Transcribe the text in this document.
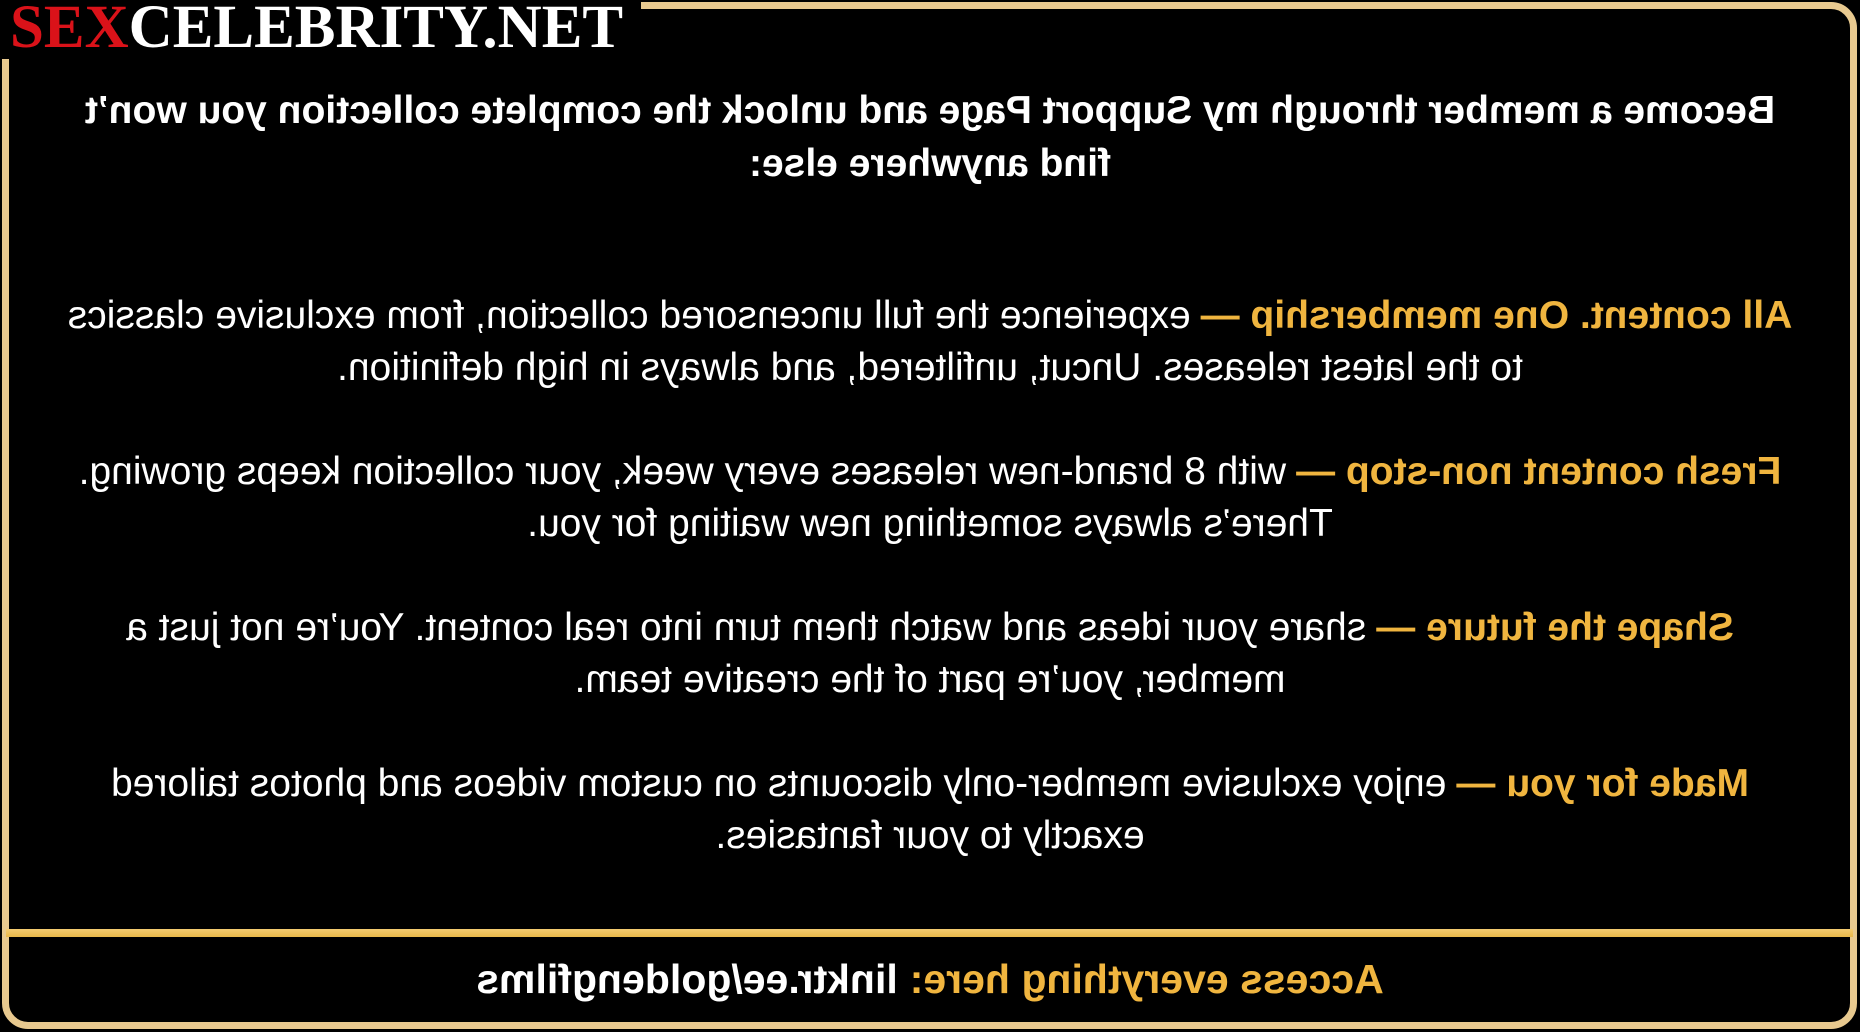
SEXCELEBRITY.NET

Become a member through my Support Page and unlock the complete collection you won’t find anywhere else:

All content. One membership —experience the full uncensored collection, from exclusive classics to the latest releases. Uncut, unfiltered, and always in high definition.

Fresh content non-stop —with 8 brand-new releases every week, your collection keeps growing. There’s always something new waiting for you.

Shape the future —share your ideas and watch them turn into real content. You’re not just a member, you’re part of the creative team.

Made for you —enjoy exclusive member-only discounts on custom videos and photos tailored exactly to your fantasies.

Access everything here:linktr.ee/goldengfilms
